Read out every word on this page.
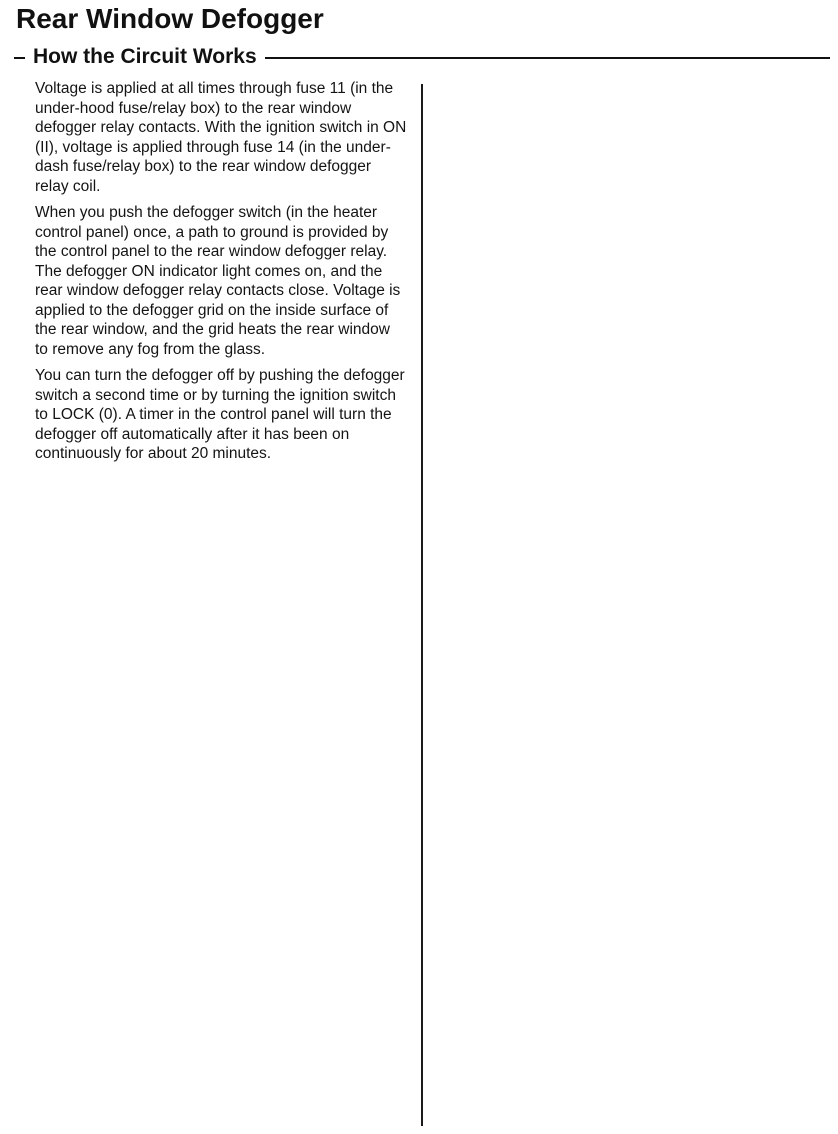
Rear Window Defogger
How the Circuit Works

Voltage is applied at all times through fuse 11 (in the under-hood fuse/relay box) to the rear window defogger relay contacts. With the ignition switch in ON (II), voltage is applied through fuse 14 (in the under-dash fuse/relay box) to the rear window defogger relay coil.

When you push the defogger switch (in the heater control panel) once, a path to ground is provided by the control panel to the rear window defogger relay. The defogger ON indicator light comes on, and the rear window defogger relay contacts close. Voltage is applied to the defogger grid on the inside surface of the rear window, and the grid heats the rear window to remove any fog from the glass.

You can turn the defogger off by pushing the defogger switch a second time or by turning the ignition switch to LOCK (0). A timer in the control panel will turn the defogger off automatically after it has been on continuously for about 20 minutes.
